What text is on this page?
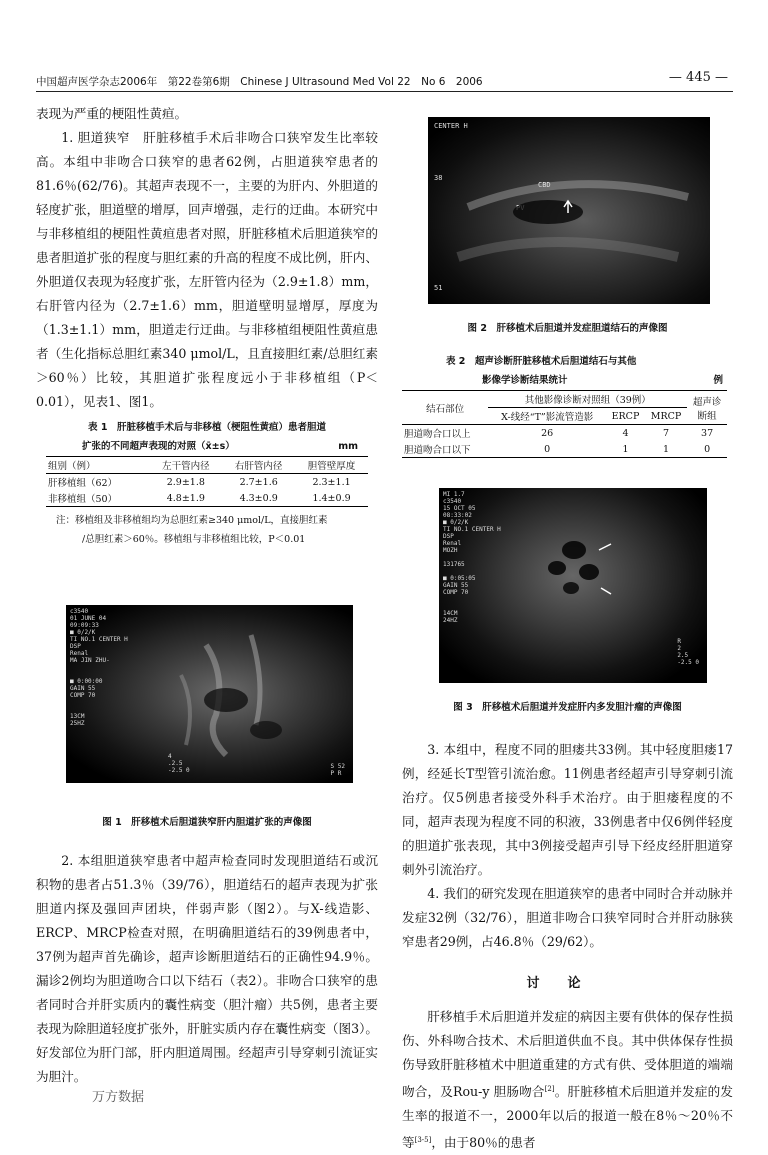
中国超声医学杂志2006年　第22卷第6期　Chinese J Ultrasound Med Vol 22　No 6　2006	— 445 —

表现为严重的梗阻性黄疸。

1. 胆道狭窄　肝脏移植手术后非吻合口狭窄发生比率较高。本组中非吻合口狭窄的患者62例，占胆道狭窄患者的81.6％(62/76)。其超声表现不一，主要的为肝内、外胆道的轻度扩张，胆道壁的增厚，回声增强，走行的迂曲。本研究中与非移植组的梗阻性黄疸患者对照，肝脏移植术后胆道狭窄的患者胆道扩张的程度与胆红素的升高的程度不成比例，肝内、外胆道仅表现为轻度扩张，左肝管内径为（2.9±1.8）mm，右肝管内径为（2.7±1.6）mm，胆道壁明显增厚，厚度为（1.3±1.1）mm，胆道走行迂曲。与非移植组梗阻性黄疸患者（生化指标总胆红素340 μmol/L，且直接胆红素/总胆红素＞60％）比较，其胆道扩张程度远小于非移植组（P＜0.01），见表1、图1。

表 1　肝脏移植手术后与非移植（梗阻性黄疸）患者胆道
扩张的不同超声表现的对照（x̄±s）	mm
组别（例）	左干管内径	右肝管内径	胆管壁厚度
肝移植组（62）	2.9±1.8	2.7±1.6	2.3±1.1
非移植组（50）	4.8±1.9	4.3±0.9	1.4±0.9
注：移植组及非移植组均为总胆红素≥340 μmol/L，直接胆红素
/总胆红素＞60％。移植组与非移植组比较，P＜0.01
c3540
01 JUNE 04
09:09:33
■ 0/2/K
TI NO.1 CENTER H
DSP
Renal
MA JIN ZHU-

■ 0:00:00
GAIN 55
COMP 70

13CM
25HZ
4
.2.5
-2.5 0
S 52
P R
图 1　肝移植术后胆道狭窄肝内胆道扩张的声像图

2. 本组胆道狭窄患者中超声检查同时发现胆道结石或沉积物的患者占51.3％（39/76），胆道结石的超声表现为扩张胆道内探及强回声团块，伴弱声影（图2）。与X-线造影、ERCP、MRCP检查对照，在明确胆道结石的39例患者中，37例为超声首先确诊，超声诊断胆道结石的正确性94.9％。漏诊2例均为胆道吻合口以下结石（表2）。非吻合口狭窄的患者同时合并肝实质内的囊性病变（胆汁瘤）共5例，患者主要表现为除胆道轻度扩张外，肝脏实质内存在囊性病变（图3）。好发部位为肝门部，肝内胆道周围。经超声引导穿刺引流证实为胆汁。

CENTER H
38
51
CBD
图 2　肝移植术后胆道并发症胆道结石的声像图
表 2　超声诊断肝脏移植术后胆道结石与其他
影像学诊断结果统计	例
结石部位	其他影像诊断对照组（39例）			超声诊
断组

	X-线经“T”影流管造影	ERCP	MRCP	
胆道吻合口以上	26	4	7	37
胆道吻合口以下	0	1	1	0
MI 1.7
c3540
15 OCT 05
08:33:02
■ 0/2/K
TI NO.1 CENTER H
DSP
Renal
MOZH

131765

■ 0:05:05
GAIN 55
COMP 70

14CM
24HZ
R
2
2.5
-2.5 0
图 3　肝移植术后胆道并发症肝内多发胆汁瘤的声像图

3. 本组中，程度不同的胆瘘共33例。其中轻度胆瘘17例，经延长T型管引流治愈。11例患者经超声引导穿刺引流治疗。仅5例患者接受外科手术治疗。由于胆瘘程度的不同，超声表现为程度不同的积液，33例患者中仅6例伴轻度的胆道扩张表现，其中3例接受超声引导下经皮经肝胆道穿刺外引流治疗。

4. 我们的研究发现在胆道狭窄的患者中同时合并动脉并发症32例（32/76），胆道非吻合口狭窄同时合并肝动脉狭窄患者29例，占46.8％（29/62）。

讨论

肝移植手术后胆道并发症的病因主要有供体的保存性损伤、外科吻合技术、术后胆道供血不良。其中供体保存性损伤导致肝脏移植术中胆道重建的方式有供、受体胆道的端端吻合，及Rou-y 胆肠吻合[2]。肝脏移植术后胆道并发症的发生率的报道不一，2000年以后的报道一般在8％～20％不等[3-5]，由于80％的患者

万方数据
